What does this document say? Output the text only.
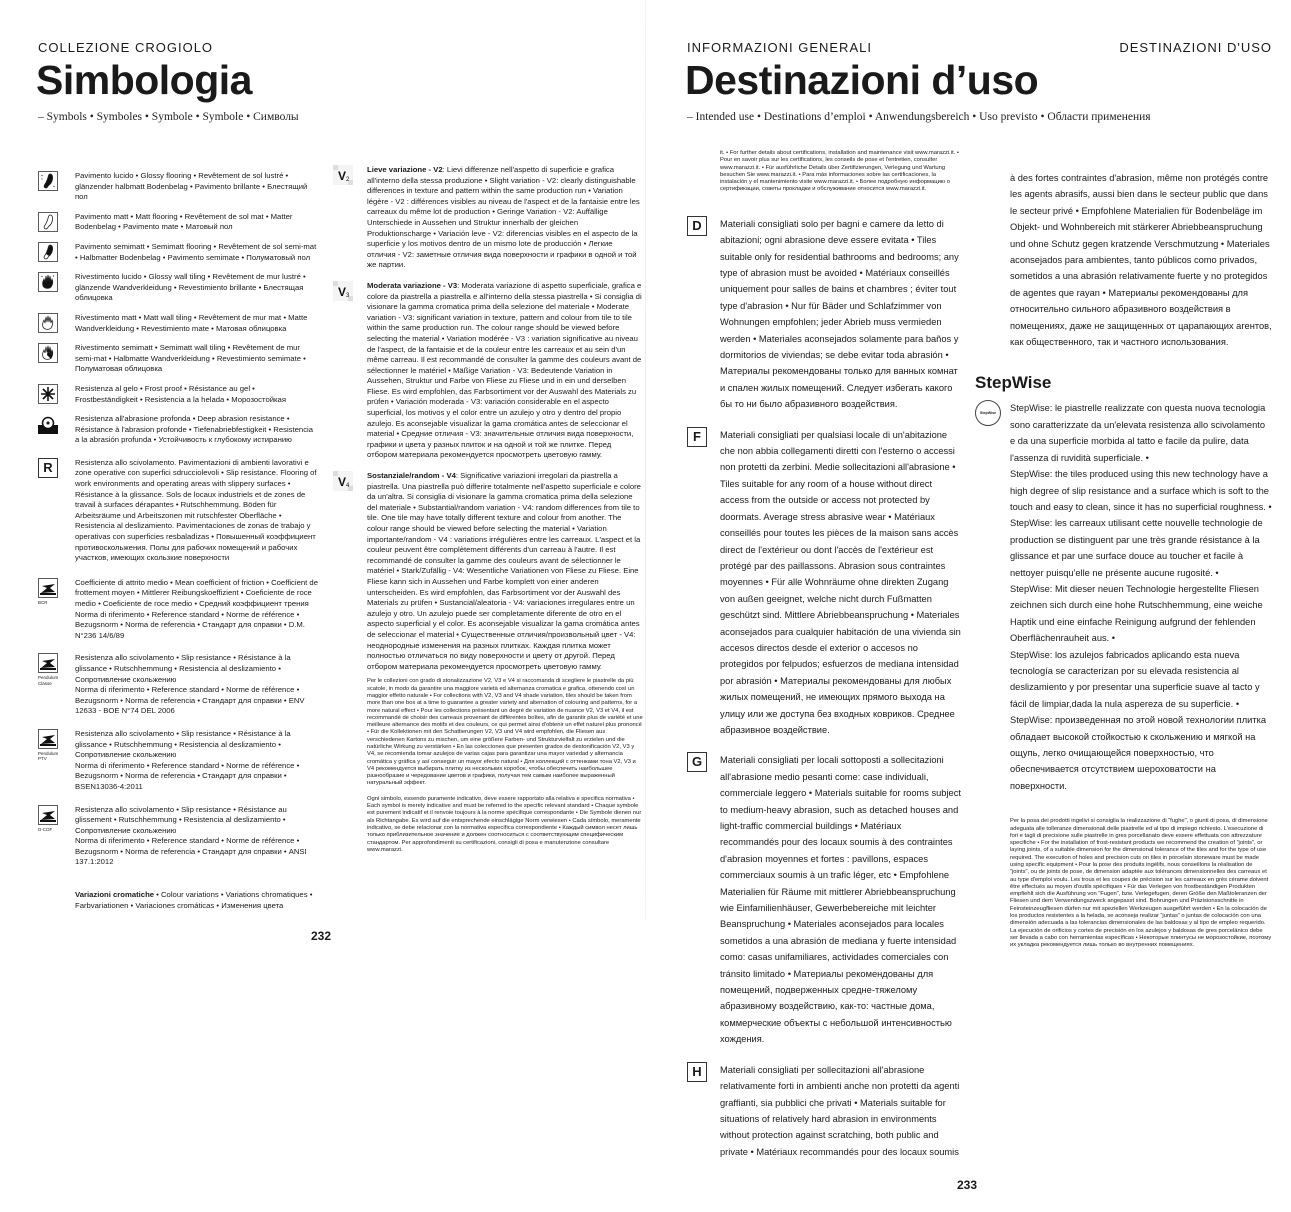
COLLEZIONE CROGIOLO
Simbologia
– Symbols • Symboles • Symbole • Symbole • Символы
Pavimento lucido • Glossy flooring • Revêtement de sol lustré • glänzender halbmatt Bodenbelag • Pavimento brillante • Блестящий пол
Pavimento matt • Matt flooring • Revêtement de sol mat • Matter Bodenbelag • Pavimento mate • Матовый пол
Pavimento semimatt • Semimatt flooring • Revêtement de sol semi-mat • Halbmatter Bodenbelag • Pavimento semimate • Полуматовый пол
Rivestimento lucido • Glossy wall tiling • Revêtement de mur lustré • glänzende Wandverkleidung • Revestimiento brillante • Блестящая облицовка
Rivestimento matt • Matt wall tiling • Revêtement de mur mat • Matte Wandverkleidung • Revestimiento mate • Матовая облицовка
Rivestimento semimatt • Semimatt wall tiling • Revêtement de mur semi-mat • Halbmatte Wandverkleidung • Revestimiento semimate • Полуматовая облицовка
Resistenza al gelo • Frost proof • Résistance au gel • Frostbeständigkeit • Resistencia a la helada • Морозостойкая
Resistenza all'abrasione profonda • Deep abrasion resistance • Résistance à l'abrasion profonde • Tiefenabriebfestigkeit • Resistencia a la abrasión profunda • Устойчивость к глубокому истиранию
R	Resistenza allo scivolamento. Pavimentazioni di ambienti lavorativi e zone operative con superfici sdrucciolevoli • Slip resistance. Flooring of work environments and operating areas with slippery surfaces • Résistance à la glissance. Sols de locaux industriels et de zones de travail à surfaces dérapantes • Rutschhemmung. Böden für Arbeitsräume und Arbeitszonen mit rutschfester Oberfläche • Resistencia al deslizamiento. Pavimentaciones de zonas de trabajo y operativas con superficies resbaladizas • Повышенный коэффициент противоскольжения. Полы для рабочих помещений и рабочих участков, имеющих скользкие поверхности
BCR
Coefficiente di attrito medio • Mean coefficient of friction • Coefficient de frottement moyen • Mittlerer Reibungskoeffizient • Coeficiente de roce medio • Coeficiente de roce medio • Средний коэффициент трения Norma di riferimento • Reference standard • Norme de référence • Bezugsnorm • Norma de referencia • Стандарт для справки • D.M. N°236 14/6/89
Pendulum Classe
Resistenza allo scivolamento • Slip resistance • Résistance à la glissance • Rutschhemmung • Resistencia al deslizamiento • Сопротивление скольжению
Norma di riferimento • Reference standard • Norme de référence • Bezugsnorm • Norma de referencia • Стандарт для справки • ENV 12633 - BOE N°74 DEL 2006
Pendulum PTV
Resistenza allo scivolamento • Slip resistance • Résistance à la glissance • Rutschhemmung • Resistencia al deslizamiento • Сопротивление скольжению
Norma di riferimento • Reference standard • Norme de référence • Bezugsnorm • Norma de referencia • Стандарт для справки • BSEN13036-4:2011
D-COF
Resistenza allo scivolamento • Slip resistance • Résistance au glissement • Rutschhemmung • Resistencia al deslizamiento • Сопротивление скольжению
Norma di riferimento • Reference standard • Norme de référence • Bezugsnorm • Norma de referencia • Стандарт для справки • ANSI 137.1:2012
Variazioni cromatiche • Colour variations • Variations chromatiques • Farbvariationen • Variaciones cromáticas • Изменения цвета
V 2
Lieve variazione - V2: Lievi differenze nell'aspetto di superficie e grafica all'interno della stessa produzione • Slight variation - V2: clearly distinguishable differences in texture and pattern within the same production run • Variation légère - V2 : différences visibles au niveau de l'aspect et de la fantaisie entre les carreaux du même lot de production • Geringe Variation - V2: Auffällige Unterschiede in Aussehen und Struktur innerhalb der gleichen Produktionscharge • Variación leve - V2: diferencias visibles en el aspecto de la superficie y los motivos dentro de un mismo lote de producción • Легкие отличия - V2: заметные отличия вида поверхности и графики в одной и той же партии.
V 3
Moderata variazione - V3: Moderata variazione di aspetto superficiale, grafica e colore da piastrella a piastrella e all'interno della stessa piastrella • Si consiglia di visionare la gamma cromatica prima della selezione del materiale • Moderate variation - V3: significant variation in texture, pattern and colour from tile to tile within the same production run. The colour range should be viewed before selecting the material • Variation modérée - V3 : variation significative au niveau de l'aspect, de la fantaisie et de la couleur entre les carreaux et au sein d'un même carreau. Il est recommandé de consulter la gamme des couleurs avant de sélectionner le matériel • Mäßige Variation - V3: Bedeutende Variation in Aussehen, Struktur und Farbe von Fliese zu Fliese und in ein und derselben Fliese. Es wird empfohlen, das Farbsortiment vor der Auswahl des Materials zu prüfen • Variación moderada - V3: variación considerable en el aspecto superficial, los motivos y el color entre un azulejo y otro y dentro del propio azulejo. Es aconsejable visualizar la gama cromática antes de seleccionar el material • Средние отличия - V3: значительные отличия вида поверхности, графики и цвета у разных плиток и на одной и той же плитке. Перед отбором материала рекомендуется просмотреть цветовую гамму.
V 4
Sostanziale/random - V4: Significative variazioni irregolari da piastrella a piastrella. Una piastrella può differire totalmente nell'aspetto superficiale e colore da un'altra. Si consiglia di visionare la gamma cromatica prima della selezione del materiale • Substantial/random variation - V4: random differences from tile to tile. One tile may have totally different texture and colour from another. The colour range should be viewed before selecting the material • Variation importante/random - V4 : variations irrégulières entre les carreaux. L'aspect et la couleur peuvent être complètement différents d'un carreau à l'autre. Il est recommandé de consulter la gamme des couleurs avant de sélectionner le matériel • Stark/Zufällig - V4: Wesentliche Variationen von Fliese zu Fliese. Eine Fliese kann sich in Aussehen und Farbe komplett von einer anderen unterscheiden. Es wird empfohlen, das Farbsortiment vor der Auswahl des Materials zu prüfen • Sustancial/aleatoria - V4: variaciones irregulares entre un azulejo y otro. Un azulejo puede ser completamente diferente de otro en el aspecto superficial y el color. Es aconsejable visualizar la gama cromática antes de seleccionar el material • Существенные отличия/произвольный цвет - V4: неоднородные изменения на разных плитках. Каждая плитка может полностью отличаться по виду поверхности и цвету от другой. Перед отбором материала рекомендуется просмотреть цветовую гамму.
Per le collezioni con grado di stonalizzazione V2, V3 e V4 si raccomanda di scegliere le piastrelle da più scatole, in modo da garantire una maggiore varietà ed alternanza cromatica e grafica, ottenendo così un maggior effetto naturale • For collections with V2, V3 and V4 shade variation, tiles should be taken from more than one box at a time to guarantee a greater variety and alternation of colouring and patterns, for a more natural effect • Pour les collections présentant un degré de variation de nuance V2, V3 et V4, il est recommandé de choisir des carreaux provenant de différentes boîtes, afin de garantir plus de variété et une meilleure alternance des motifs et des couleurs, ce qui permet ainsi d'obtenir un effet naturel plus prononcé • Für die Kollektionen mit den Schattierungen V2, V3 und V4 wird empfohlen, die Fliesen aus verschiedenen Kartons zu mischen, um eine größere Farben- und Strukturvielfalt zu erzielen und die natürliche Wirkung zu verstärken • En las colecciones que presenten grados de destonificación V2, V3 y V4, se recomienda tomar azulejos de varias cajas para garantizar una mayor variedad y alternancia cromática y gráfica y así conseguir un mayor efecto natural • Для коллекций с оттенками тона V2, V3 и V4 рекомендуется выбирать плитку из нескольких коробок, чтобы обеспечить наибольшее разнообразие и чередование цветов и графики, получая тем самым наиболее выраженный натуральный эффект.
Ogni simbolo, essendo puramente indicativo, deve essere rapportato alla relativa e specifica normativa • Each symbol is merely indicative and must be referred to the specific relevant standard • Chaque symbole est purement indicatif et il renvoie toujours à la norme spécifique correspondante • Die Symbole dienen nur als Richtangabe. Es wird auf die entsprechende einschlägige Norm verwiesen • Cada símbolo, meramente indicativo, se debe relacionar con la normativa específica correspondiente • Каждый символ несет лишь только приблизительное значение и должен соотноситься с соответствующим специфическим стандартом. Per approfondimenti su certificazioni, consigli di posa e manutenzione consultare www.marazzi.
232
INFORMAZIONI GENERALI	DESTINAZIONI D'USO
Destinazioni d’uso
– Intended use • Destinations d’emploi • Anwendungsbereich • Uso previsto • Области применения
it. • For further details about certifications, installation and maintenance visit www.marazzi.it. • Pour en savoir plus sur les certifications, les conseils de pose et l'entretien, consulter www.marazzi.it. • Für ausführliche Details über Zertifizierungen, Verlegung und Wartung besuchen Sie www.marazzi.it. • Para más informaciones sobre las certificaciones, la instalación y el mantenimiento visite www.marazzi.it. • Более подробную информацию о сертификации, советы прокладки и обслуживание относится www.marazzi.it.
D	Materiali consigliati solo per bagni e camere da letto di abitazioni; ogni abrasione deve essere evitata • Tiles suitable only for residential bathrooms and bedrooms; any type of abrasion must be avoided • Matériaux conseillés uniquement pour salles de bains et chambres ; éviter tout type d'abrasion • Nur für Bäder und Schlafzimmer von Wohnungen empfohlen; jeder Abrieb muss vermieden werden • Materiales aconsejados solamente para baños y dormitorios de viviendas; se debe evitar toda abrasión • Материалы рекомендованы только для ванных комнат и спален жилых помещений. Следует избегать какого бы то ни было абразивного воздействия.
F	Materiali consigliati per qualsiasi locale di un'abitazione che non abbia collegamenti diretti con l'esterno o accessi non protetti da zerbini. Medie sollecitazioni all'abrasione • Tiles suitable for any room of a house without direct access from the outside or access not protected by doormats. Average stress abrasive wear • Matériaux conseillés pour toutes les pièces de la maison sans accès direct de l'extérieur ou dont l'accès de l'extérieur est protégé par des paillassons. Abrasion sous contraintes moyennes • Für alle Wohnräume ohne direkten Zugang von außen geeignet, welche nicht durch Fußmatten geschützt sind. Mittlere Abriebbeanspruchung • Materiales aconsejados para cualquier habitación de una vivienda sin accesos directos desde el exterior o accesos no protegidos por felpudos; esfuerzos de mediana intensidad por abrasión • Материалы рекомендованы для любых жилых помещений, не имеющих прямого выхода на улицу или же доступа без входных ковриков. Среднее абразивное воздействие.
G	Materiali consigliati per locali sottoposti a sollecitazioni all'abrasione medio pesanti come: case individuali, commerciale leggero • Materials suitable for rooms subject to medium-heavy abrasion, such as detached houses and light-traffic commercial buildings • Matériaux recommandés pour des locaux soumis à des contraintes d'abrasion moyennes et fortes : pavillons, espaces commerciaux soumis à un trafic léger, etc • Empfohlene Materialien für Räume mit mittlerer Abriebbeanspruchung wie Einfamilienhäuser, Gewerbebereiche mit leichter Beanspruchung • Materiales aconsejados para locales sometidos a una abrasión de mediana y fuerte intensidad como: casas unifamiliares, actividades comerciales con tránsito limitado • Материалы рекомендованы для помещений, подверженных средне-тяжелому абразивному воздействию, как-то: частные дома, коммерческие объекты с небольшой интенсивностью хождения.
H	Materiali consigliati per sollecitazioni all'abrasione relativamente forti in ambienti anche non protetti da agenti graffianti, sia pubblici che privati • Materials suitable for situations of relatively hard abrasion in environments without protection against scratching, both public and private • Matériaux recommandés pour des locaux soumis
à des fortes contraintes d'abrasion, même non protégés contre les agents abrasifs, aussi bien dans le secteur public que dans le secteur privé • Empfohlene Materialien für Bodenbeläge im Objekt- und Wohnbereich mit stärkerer Abriebbeanspruchung und ohne Schutz gegen kratzende Verschmutzung • Materiales aconsejados para ambientes, tanto públicos como privados, sometidos a una abrasión relativamente fuerte y no protegidos de agentes que rayan • Материалы рекомендованы для относительно сильного абразивного воздействия в помещениях, даже не защищенных от царапающих агентов, как общественного, так и частного использования.
StepWise
StepWise StepWise: le piastrelle realizzate con questa nuova tecnologia sono caratterizzate da un'elevata resistenza allo scivolamento e da una superficie morbida al tatto e facile da pulire, data l'assenza di ruvidità superficiale. •
StepWise: the tiles produced using this new technology have a high degree of slip resistance and a surface which is soft to the touch and easy to clean, since it has no superficial roughness. •
StepWise: les carreaux utilisant cette nouvelle technologie de production se distinguent par une très grande résistance à la glissance et par une surface douce au toucher et facile à nettoyer puisqu'elle ne présente aucune rugosité. •
StepWise: Mit dieser neuen Technologie hergestellte Fliesen zeichnen sich durch eine hohe Rutschhemmung, eine weiche Haptik und eine einfache Reinigung aufgrund der fehlenden Oberflächenrauheit aus. •
StepWise: los azulejos fabricados aplicando esta nueva tecnología se caracterizan por su elevada resistencia al deslizamiento y por presentar una superficie suave al tacto y fácil de limpiar,dada la nula aspereza de su superficie. •
StepWise: произведенная по этой новой технологии плитка обладает высокой стойкостью к скольжению и мягкой на ощупь, легко очищающейся поверхностью, что обеспечивается отсутствием шероховатости на поверхности.
Per la posa dei prodotti ingelivi si consiglia la realizzazione di “fughe”, o giunti di posa, di dimensione adeguata alle tolleranze dimensionali delle piastrelle ed al tipo di impiego richiesto. L'esecuzione di fori e tagli di precisione sulle piastrelle in gres porcellanato deve essere effettuata con attrezzature specifiche • For the installation of frost-resistant products we recommend the creation of “joints”, or laying joints, of a suitable dimension for the dimensional tolerance of the tiles and for the type of use required. The execution of holes and precision cuts on tiles in porcelain stoneware must be made using specific equipment • Pour la pose des produits ingélifs, nous conseillons la réalisation de “joints”, ou de joints de pose, de dimension adaptée aux tolérances dimensionnelles des carreaux et au type d'emploi voulu. Les trous et les coupes de précision sur les carreaux en grès cérame doivent être effectués au moyen d'outils spécifiques • Für das Verlegen von frostbeständigen Produkten empfiehlt sich die Ausführung von “Fugen”, bzw. Verlegefugen, deren Größe den Maßtoleranzen der Fliesen und dem Verwendungszweck angepasst sind. Bohrungen und Präzisionsschnitte in Feinsteinzeugfliesen dürfen nur mit speziellen Werkzeugen ausgeführt werden • En la colocación de los productos resistentes a la helada, se aconseja realizar “juntas” o juntas de colocación con una dimensión adecuada a las tolerancias dimensionales de las baldosas y al tipo de empleo requerido. La ejecución de orificios y cortes de precisión en los azulejos y baldosas de gres porcelánico debe ser llevada a cabo con herramientas específicas • Некоторые плинтусы не морозостойкие, поэтому их укладка рекомендуется лишь только во внутренних помещениях.
233
